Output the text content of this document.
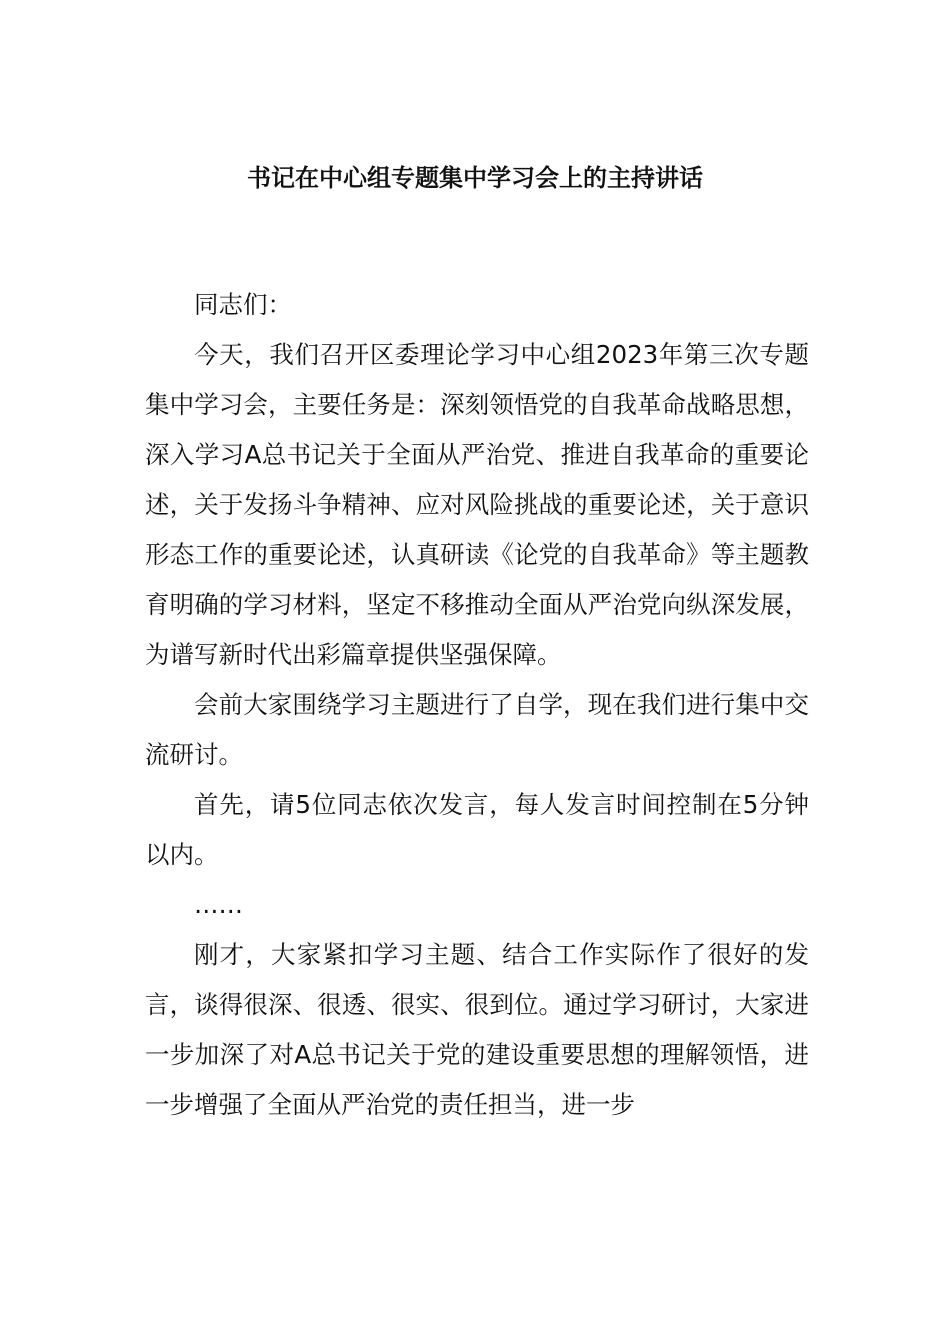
书记在中心组专题集中学习会上的主持讲话

同志们：

今天，我们召开区委理论学习中心组2023年第三次专题集中学习会，主要任务是：深刻领悟党的自我革命战略思想，深入学习A总书记关于全面从严治党、推进自我革命的重要论述，关于发扬斗争精神、应对风险挑战的重要论述，关于意识形态工作的重要论述，认真研读《论党的自我革命》等主题教育明确的学习材料，坚定不移推动全面从严治党向纵深发展，为谱写新时代出彩篇章提供坚强保障。

会前大家围绕学习主题进行了自学，现在我们进行集中交流研讨。

首先，请5位同志依次发言，每人发言时间控制在5分钟以内。

……

刚才，大家紧扣学习主题、结合工作实际作了很好的发言，谈得很深、很透、很实、很到位。通过学习研讨，大家进一步加深了对A总书记关于党的建设重要思想的理解领悟，进一步增强了全面从严治党的责任担当，进一步
